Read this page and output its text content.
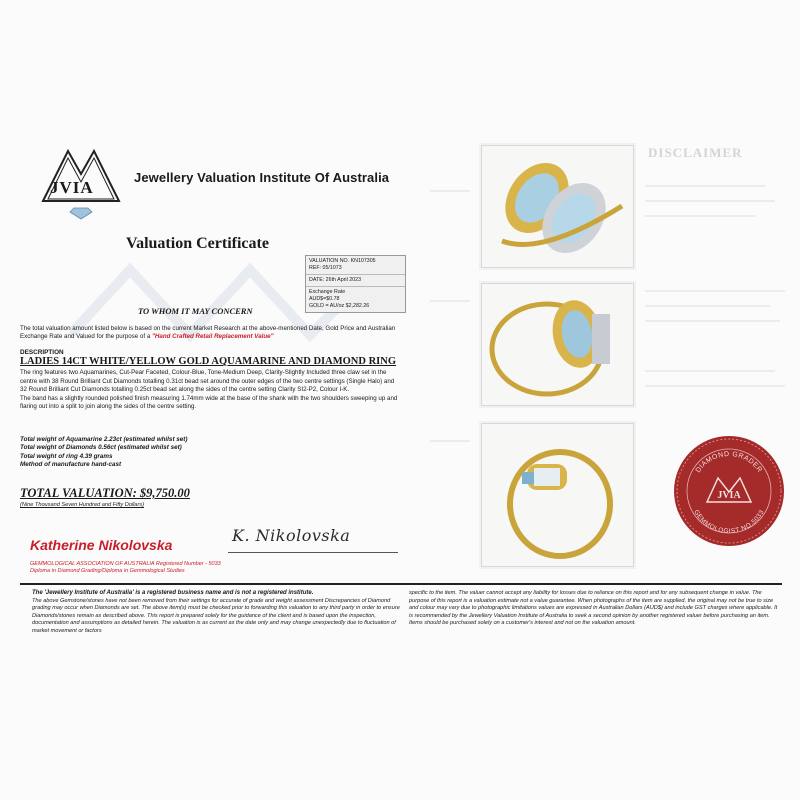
DISCLAIMER
JVIA
Jewellery Valuation Institute Of Australia
Valuation Certificate
VALUATION NO. KN107305
REF: 05/1073
DATE: 26th April 2023
Exchange Rate
AUD$=$0.78
GOLD = AU/oz $2,282.26
TO WHOM IT MAY CONCERN
The total valuation amount listed below is based on the current Market Research at the above-mentioned Date, Gold Price and Australian Exchange Rate and Valued for the purpose of a "Hand Crafted Retail Replacement Value"
DESCRIPTION
LADIES 14CT WHITE/YELLOW GOLD AQUAMARINE AND DIAMOND RING
The ring features two Aquamarines, Cut-Pear Faceted, Colour-Blue, Tone-Medium Deep, Clarity-Slightly Included three claw set in the centre with 38 Round Brilliant Cut Diamonds totalling 0.31ct bead set around the outer edges of the two centre settings (Single Halo) and 32 Round Brilliant Cut Diamonds totalling 0.25ct bead set along the sides of the centre setting Clarity SI2-P2, Colour I-K.
The band has a slightly rounded polished finish measuring 1.74mm wide at the base of the shank with the two shoulders sweeping up and flaring out into a split to join along the sides of the centre setting.
Total weight of Aquamarine 2.23ct (estimated whilst set)
Total weight of Diamonds 0.56ct (estimated whilst set)
Total weight of ring 4.39 grams
Method of manufacture hand-cast
TOTAL VALUATION: $9,750.00
(Nine Thousand Seven Hundred and Fifty Dollars)
Katherine Nikolovska	K. Nikolovska
GEMMOLOGICAL ASSOCIATION OF AUSTRALIA Registered Number - 5033
Diploma in Diamond Grading/Diploma in Gemmological Studies
DIAMOND GRADER
JVIA
GEMMOLOGIST NO.5033
The 'Jewellery Institute of Australia' is a registered business name and is not a registered institute.
The above Gemstone/stones have not been removed from their settings for accurate of grade and weight assessment Discrepancies of Diamond grading may occur when Diamonds are set. The above item(s) must be checked prior to forwarding this valuation to any third party in order to ensure Diamonds/stones remain as described above. This report is prepared solely for the guidance of the client and is based upon the inspection, documentation and assumptions as detailed herein. The valuation is as current as the date only and may change unexpectedly due to fluctuation of market movement or factors
specific to the item. The valuer cannot accept any liability for losses due to reliance on this report and for any subsequent change in value. The purpose of this report is a valuation estimate not a value guarantee. When photographs of the item are supplied, the original may not be true to size and colour may vary due to photographic limitations values are expressed in Australian Dollars (AUD$) and include GST charges where applicable. It is recommended by the Jewellery Valuation Institute of Australia to seek a second opinion by another registered valuer before purchasing an item. Items should be purchased solely on a customer's interest and not on the valuation amount.
